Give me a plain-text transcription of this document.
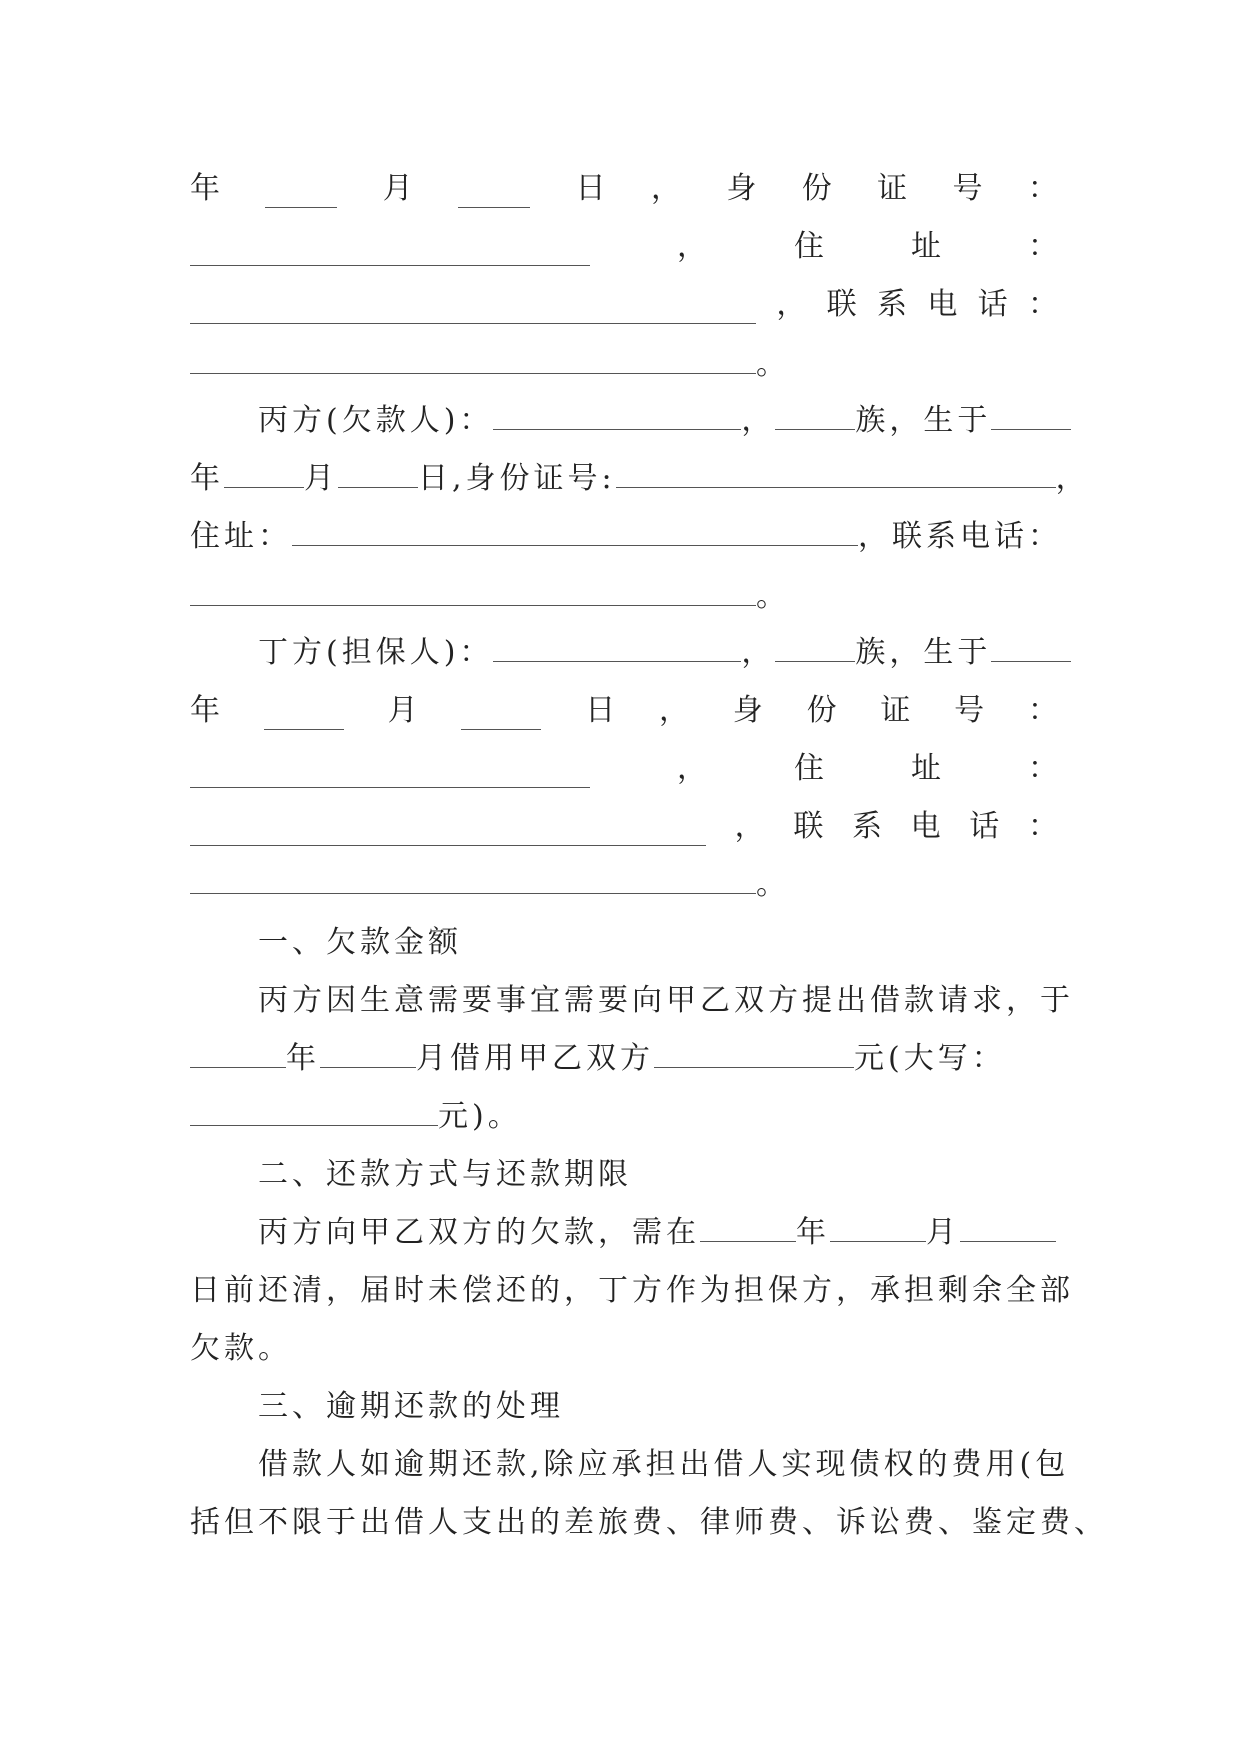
年	月	日 ， 身 份 证 号 ：
，	住	址	：
， 联 系 电 话 ：
。
丙方(欠款人)：	，	族，生于
年	月	日,身份证号:	，
住址：	，联系电话：
。
丁方(担保人)：	，	族，生于
年	月	日 ， 身 份 证 号 ：
，	住	址	：
， 联 系 电 话 ：
。
一、欠款金额
丙方因生意需要事宜需要向甲乙双方提出借款请求，于
年	月借用甲乙双方	元(大写：
元)。
二、还款方式与还款期限
丙方向甲乙双方的欠款，需在	年	月
日前还清，届时未偿还的，丁方作为担保方，承担剩余全部
欠款。
三、逾期还款的处理
借款人如逾期还款,除应承担出借人实现债权的费用(包
括但不限于出借人支出的差旅费、律师费、诉讼费、鉴定费、
